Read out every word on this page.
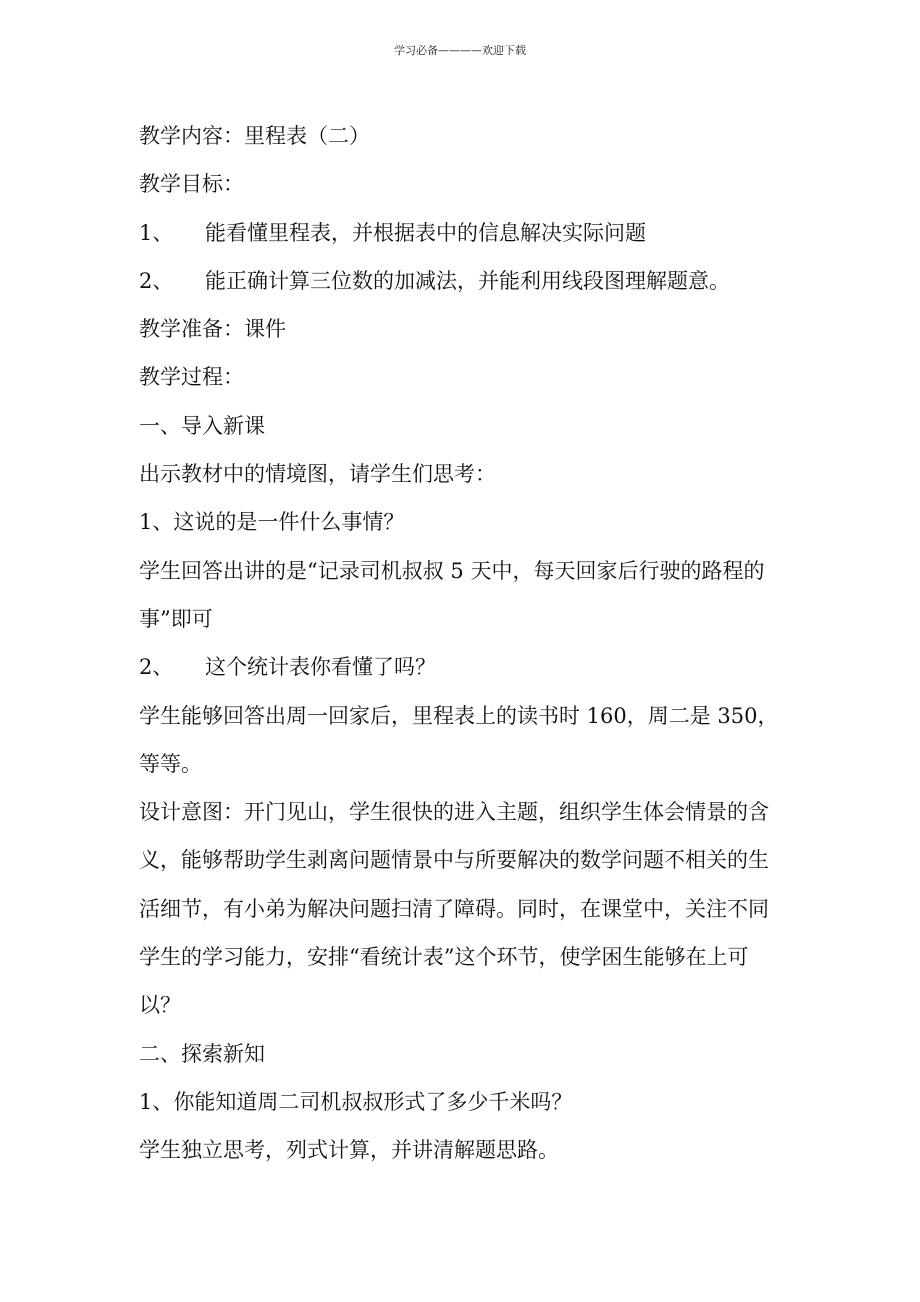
学习必备————欢迎下载
教学内容：里程表（二）
教学目标：
1、 能看懂里程表，并根据表中的信息解决实际问题
2、 能正确计算三位数的加减法，并能利用线段图理解题意。
教学准备：课件
教学过程：
一、导入新课
出示教材中的情境图，请学生们思考：
1、这说的是一件什么事情？
学生回答出讲的是“记录司机叔叔 5 天中，每天回家后行驶的路程的
事”即可
2、 这个统计表你看懂了吗？
学生能够回答出周一回家后，里程表上的读书时 160，周二是 350，
等等。
设计意图：开门见山，学生很快的进入主题，组织学生体会情景的含
义，能够帮助学生剥离问题情景中与所要解决的数学问题不相关的生
活细节，有小弟为解决问题扫清了障碍。同时，在课堂中，关注不同
学生的学习能力，安排“看统计表”这个环节，使学困生能够在上可
以？
二、探索新知
1、你能知道周二司机叔叔形式了多少千米吗？
学生独立思考，列式计算，并讲清解题思路。
